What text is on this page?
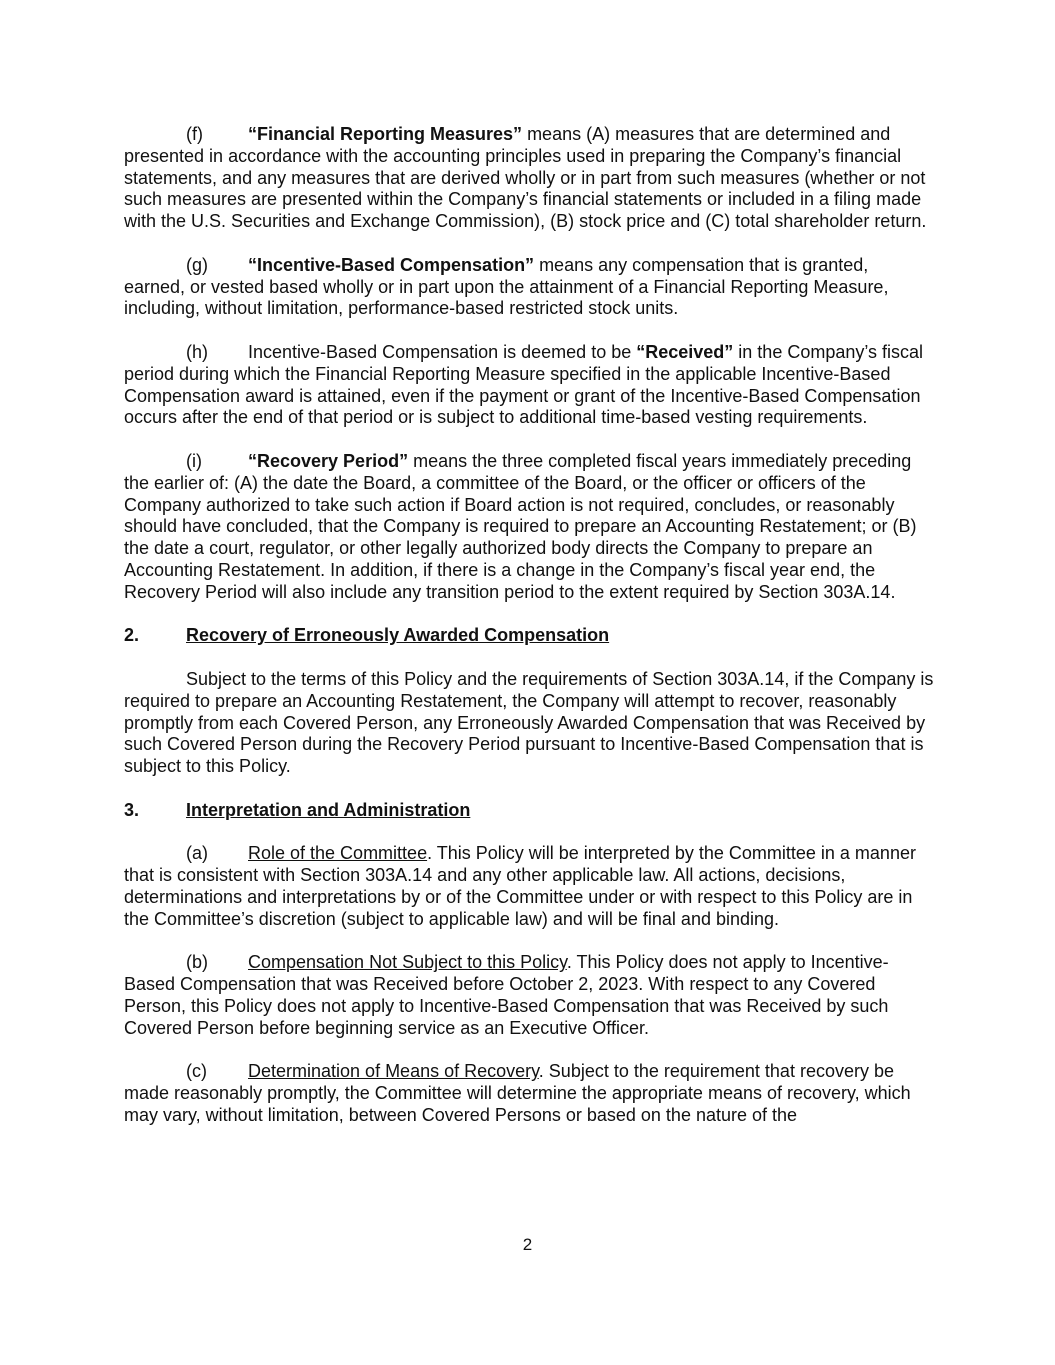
(f)	“Financial Reporting Measures” means (A) measures that are determined and presented in accordance with the accounting principles used in preparing the Company’s financial statements, and any measures that are derived wholly or in part from such measures (whether or not such measures are presented within the Company’s financial statements or included in a filing made with the U.S. Securities and Exchange Commission), (B) stock price and (C) total shareholder return.

(g) “Incentive-Based Compensation” means any compensation that is granted, earned, or vested based wholly or in part upon the attainment of a Financial Reporting Measure, including, without limitation, performance-based restricted stock units.

(h) Incentive-Based Compensation is deemed to be “Received” in the Company’s fiscal period during which the Financial Reporting Measure specified in the applicable Incentive-Based Compensation award is attained, even if the payment or grant of the Incentive-Based Compensation occurs after the end of that period or is subject to additional time-based vesting requirements.

(i)	“Recovery Period” means the three completed fiscal years immediately preceding the earlier of: (A) the date the Board, a committee of the Board, or the officer or officers of the Company authorized to take such action if Board action is not required, concludes, or reasonably should have concluded, that the Company is required to prepare an Accounting Restatement; or (B) the date a court, regulator, or other legally authorized body directs the Company to prepare an Accounting Restatement. In addition, if there is a change in the Company’s fiscal year end, the Recovery Period will also include any transition period to the extent required by Section 303A.14.

2.	Recovery of Erroneously Awarded Compensation

Subject to the terms of this Policy and the requirements of Section 303A.14, if the Company is required to prepare an Accounting Restatement, the Company will attempt to recover, reasonably promptly from each Covered Person, any Erroneously Awarded Compensation that was Received by such Covered Person during the Recovery Period pursuant to Incentive-Based Compensation that is subject to this Policy.

3.	Interpretation and Administration

(a) Role of the Committee. This Policy will be interpreted by the Committee in a manner that is consistent with Section 303A.14 and any other applicable law. All actions, decisions, determinations and interpretations by or of the Committee under or with respect to this Policy are in the Committee’s discretion (subject to applicable law) and will be final and binding.

(b) Compensation Not Subject to this Policy. This Policy does not apply to Incentive-Based Compensation that was Received before October 2, 2023. With respect to any Covered Person, this Policy does not apply to Incentive-Based Compensation that was Received by such Covered Person before beginning service as an Executive Officer.

(c) Determination of Means of Recovery. Subject to the requirement that recovery be made reasonably promptly, the Committee will determine the appropriate means of recovery, which may vary, without limitation, between Covered Persons or based on the nature of the

2
